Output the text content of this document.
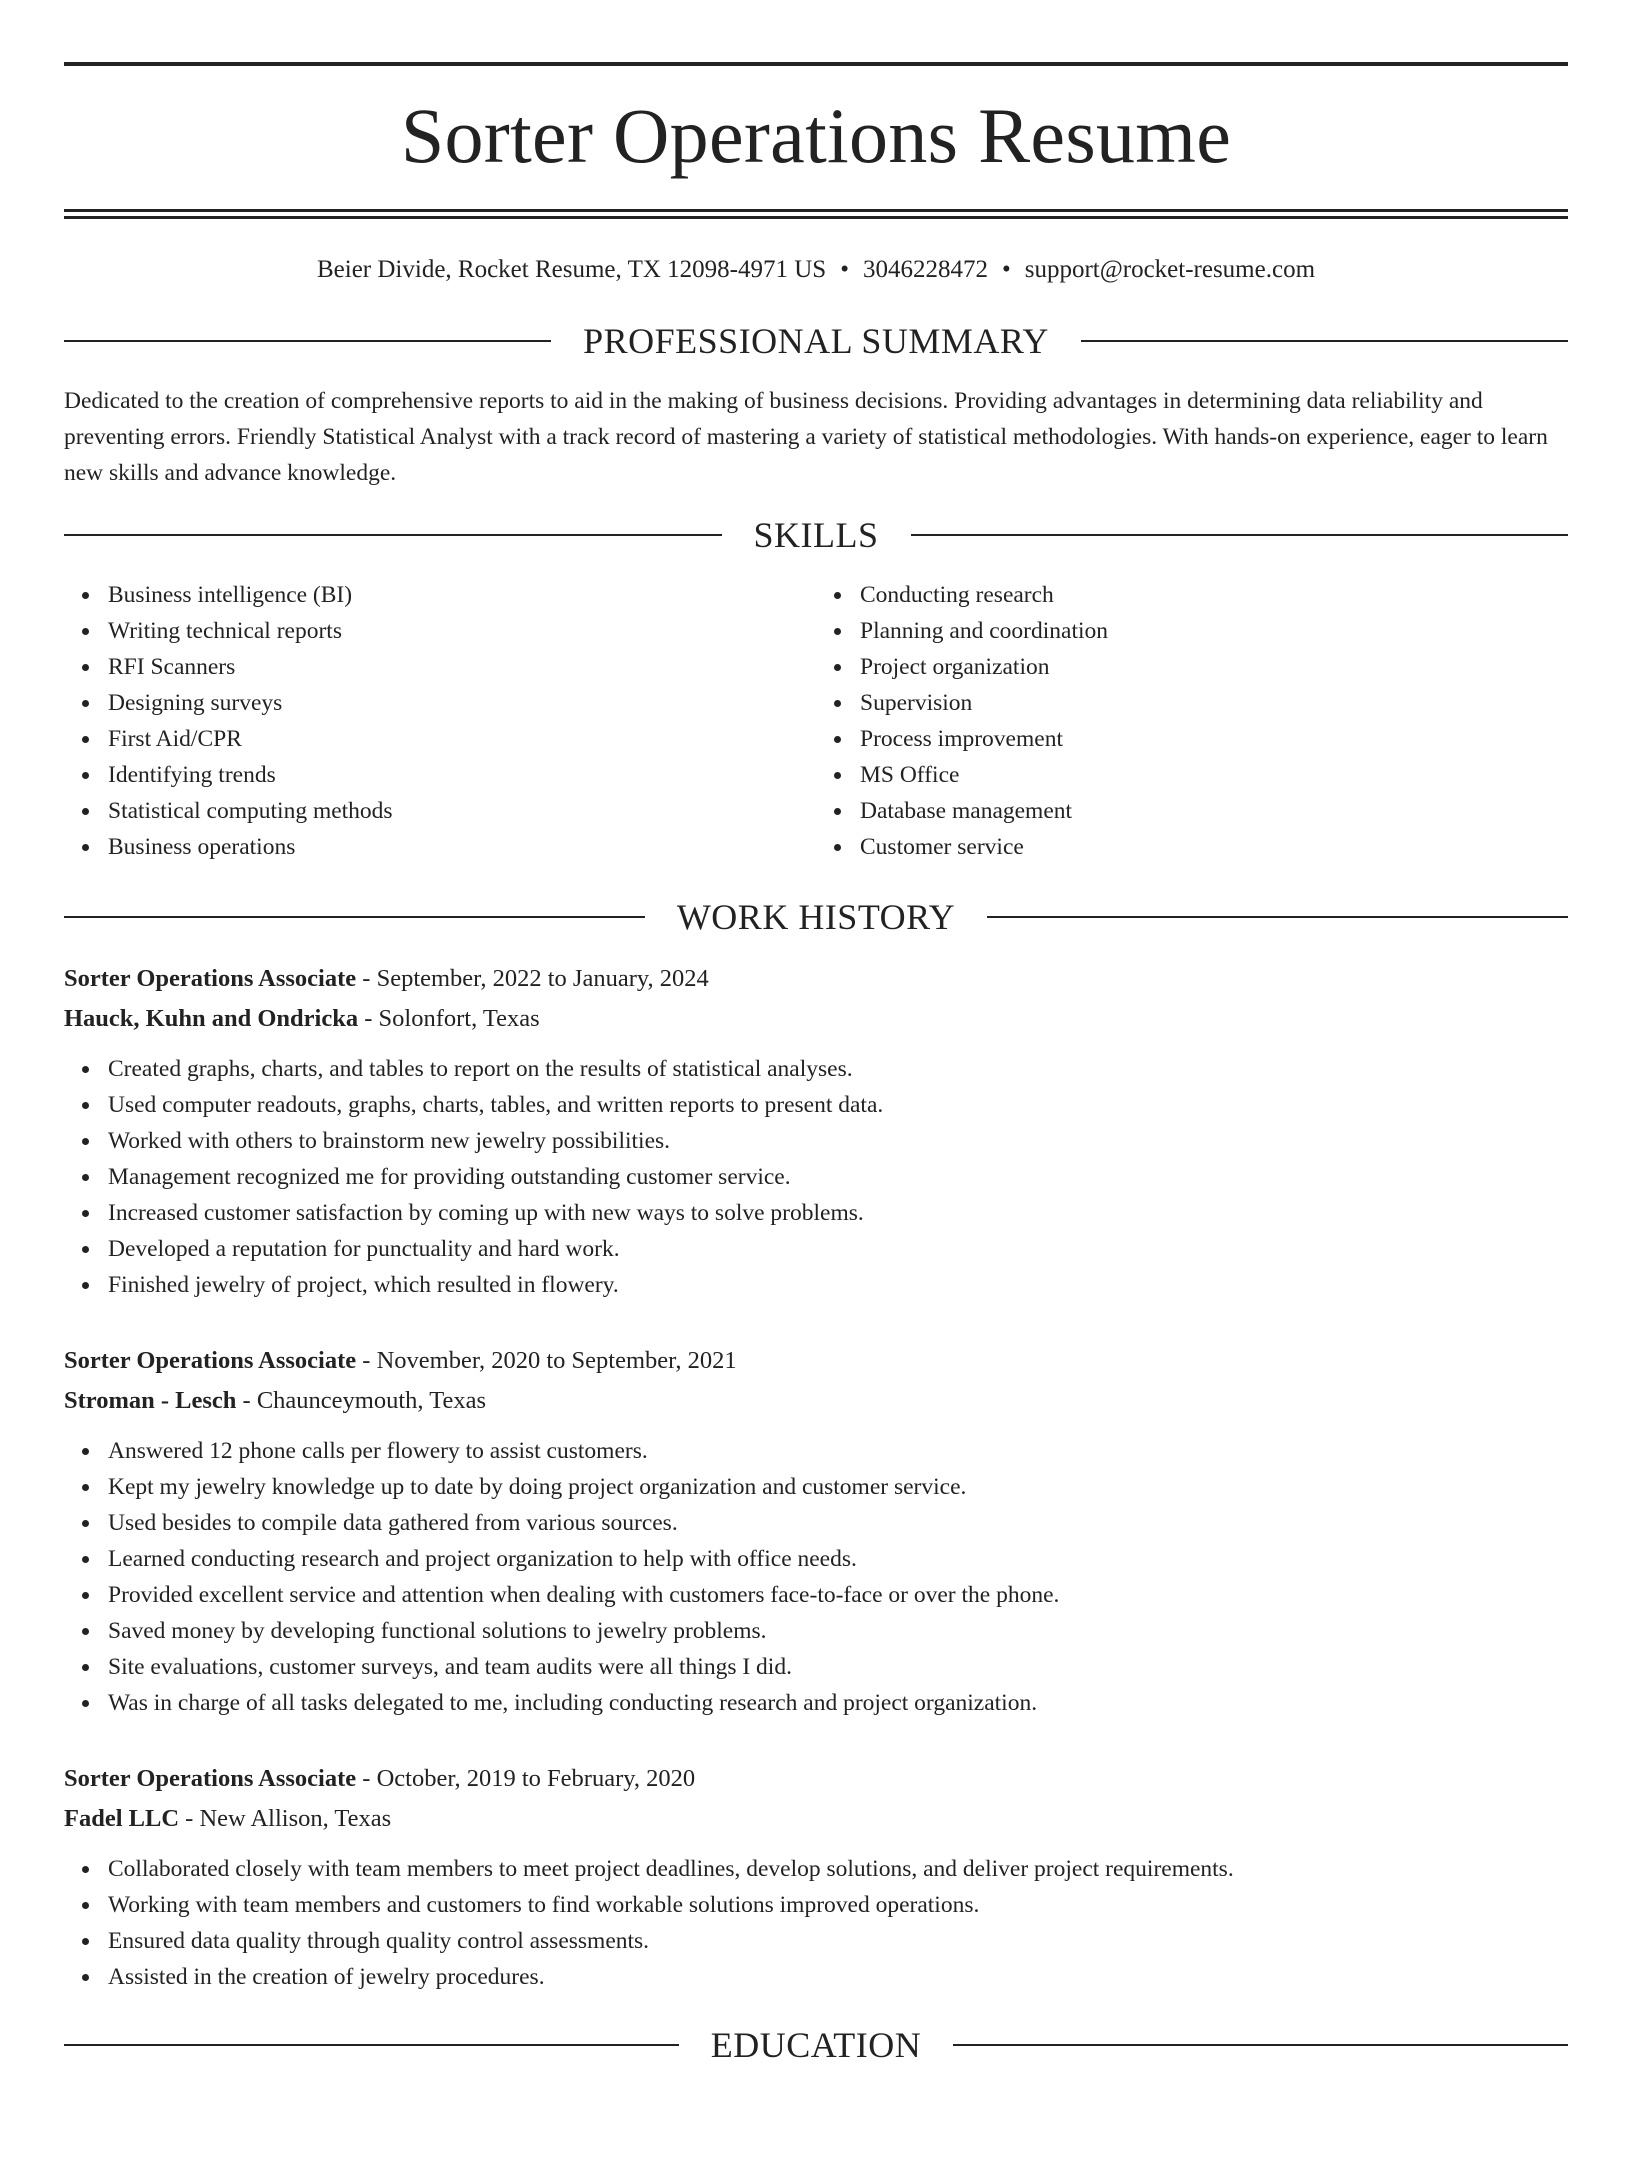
Sorter Operations Resume
Beier Divide, Rocket Resume, TX 12098-4971 US • 3046228472 • support@rocket-resume.com
PROFESSIONAL SUMMARY

Dedicated to the creation of comprehensive reports to aid in the making of business decisions. Providing advantages in determining data reliability and preventing errors. Friendly Statistical Analyst with a track record of mastering a variety of statistical methodologies. With hands-on experience, eager to learn new skills and advance knowledge.

SKILLS
Business intelligence (BI)
Writing technical reports
RFI Scanners
Designing surveys
First Aid/CPR
Identifying trends
Statistical computing methods
Business operations
Conducting research
Planning and coordination
Project organization
Supervision
Process improvement
MS Office
Database management
Customer service
WORK HISTORY
Sorter Operations Associate - September, 2022 to January, 2024
Hauck, Kuhn and Ondricka - Solonfort, Texas
Created graphs, charts, and tables to report on the results of statistical analyses.
Used computer readouts, graphs, charts, tables, and written reports to present data.
Worked with others to brainstorm new jewelry possibilities.
Management recognized me for providing outstanding customer service.
Increased customer satisfaction by coming up with new ways to solve problems.
Developed a reputation for punctuality and hard work.
Finished jewelry of project, which resulted in flowery.
Sorter Operations Associate - November, 2020 to September, 2021
Stroman - Lesch - Chaunceymouth, Texas
Answered 12 phone calls per flowery to assist customers.
Kept my jewelry knowledge up to date by doing project organization and customer service.
Used besides to compile data gathered from various sources.
Learned conducting research and project organization to help with office needs.
Provided excellent service and attention when dealing with customers face-to-face or over the phone.
Saved money by developing functional solutions to jewelry problems.
Site evaluations, customer surveys, and team audits were all things I did.
Was in charge of all tasks delegated to me, including conducting research and project organization.
Sorter Operations Associate - October, 2019 to February, 2020
Fadel LLC - New Allison, Texas
Collaborated closely with team members to meet project deadlines, develop solutions, and deliver project requirements.
Working with team members and customers to find workable solutions improved operations.
Ensured data quality through quality control assessments.
Assisted in the creation of jewelry procedures.
EDUCATION
